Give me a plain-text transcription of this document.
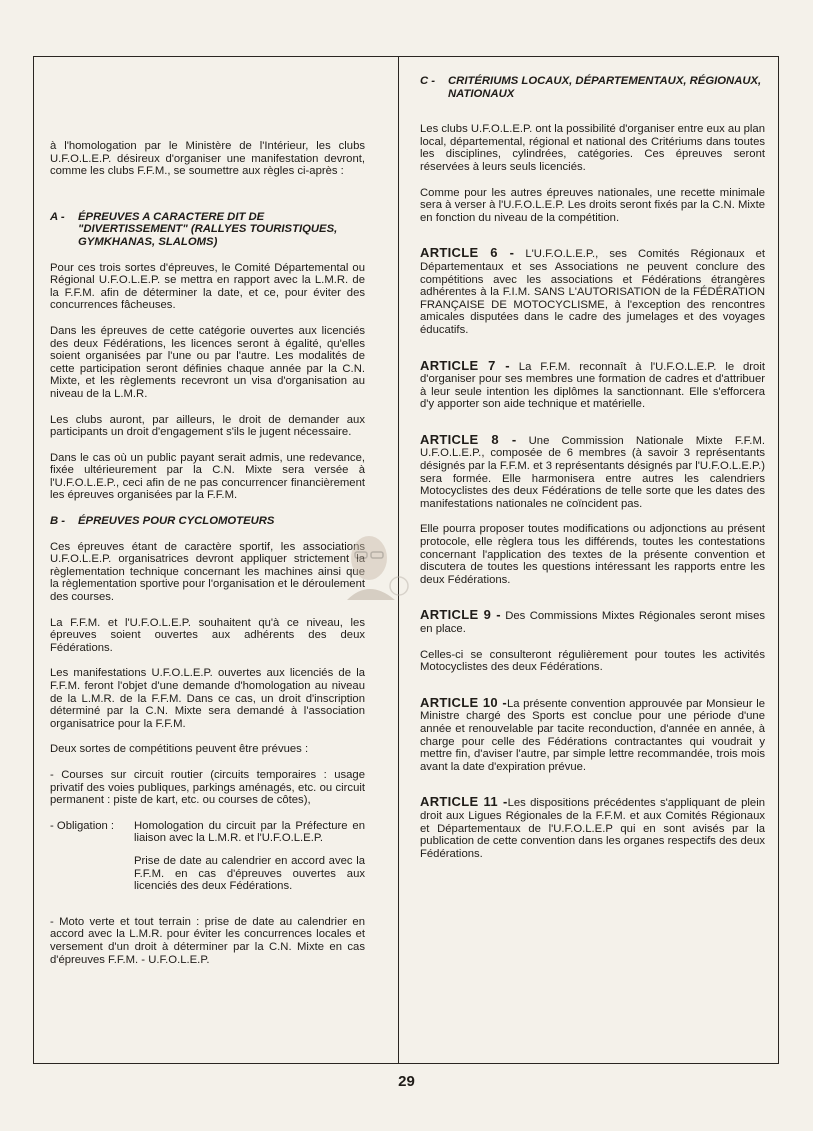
à l'homologation par le Ministère de l'Intérieur, les clubs U.F.O.L.E.P. désireux d'organiser une manifestation devront, comme les clubs F.F.M., se soumettre aux règles ci-après :

A -	ÉPREUVES A CARACTERE DIT DE "DIVERTISSEMENT" (RALLYES TOURISTIQUES, GYMKHANAS, SLALOMS)

Pour ces trois sortes d'épreuves, le Comité Départemental ou Régional U.F.O.L.E.P. se mettra en rapport avec la L.M.R. de la F.F.M. afin de déterminer la date, et ce, pour éviter des concurrences fâcheuses.

Dans les épreuves de cette catégorie ouvertes aux licenciés des deux Fédérations, les licences seront à égalité, qu'elles soient organisées par l'une ou par l'autre. Les modalités de cette participation seront définies chaque année par la C.N. Mixte, et les règlements recevront un visa d'organisation au niveau de la L.M.R.

Les clubs auront, par ailleurs, le droit de demander aux participants un droit d'engagement s'ils le jugent nécessaire.

Dans le cas où un public payant serait admis, une redevance, fixée ultérieurement par la C.N. Mixte sera versée à l'U.F.O.L.E.P., ceci afin de ne pas concurrencer financièrement les épreuves organisées par la F.F.M.

B -	ÉPREUVES POUR CYCLOMOTEURS

Ces épreuves étant de caractère sportif, les associations U.F.O.L.E.P. organisatrices devront appliquer strictement la règlementation technique concernant les machines ainsi que la règlementation sportive pour l'organisation et le déroulement des courses.

La F.F.M. et l'U.F.O.L.E.P. souhaitent qu'à ce niveau, les épreuves soient ouvertes aux adhérents des deux Fédérations.

Les manifestations U.F.O.L.E.P. ouvertes aux licenciés de la F.F.M. feront l'objet d'une demande d'homologation au niveau de la L.M.R. de la F.F.M. Dans ce cas, un droit d'inscription déterminé par la C.N. Mixte sera demandé à l'association organisatrice pour la F.F.M.

Deux sortes de compétitions peuvent être prévues :

- Courses sur circuit routier (circuits temporaires : usage privatif des voies publiques, parkings aménagés, etc. ou circuit permanent : piste de kart, etc. ou courses de côtes),

- Obligation :	Homologation du circuit par la Préfecture en liaison avec la L.M.R. et l'U.F.O.L.E.P.

Prise de date au calendrier en accord avec la F.F.M. en cas d'épreuves ouvertes aux licenciés des deux Fédérations.

- Moto verte et tout terrain : prise de date au calendrier en accord avec la L.M.R. pour éviter les concurrences locales et versement d'un droit à déterminer par la C.N. Mixte en cas d'épreuves F.F.M. - U.F.O.L.E.P.

C -	CRITÉRIUMS LOCAUX, DÉPARTEMENTAUX, RÉGIONAUX, NATIONAUX

Les clubs U.F.O.L.E.P. ont la possibilité d'organiser entre eux au plan local, départemental, régional et national des Critériums dans toutes les disciplines, cylindrées, catégories. Ces épreuves seront réservées à leurs seuls licenciés.

Comme pour les autres épreuves nationales, une recette minimale sera à verser à l'U.F.O.L.E.P. Les droits seront fixés par la C.N. Mixte en fonction du niveau de la compétition.

ARTICLE 6 - L'U.F.O.L.E.P., ses Comités Régionaux et Départementaux et ses Associations ne peuvent conclure des compétitions avec les associations et Fédérations étrangères adhérentes à la F.I.M. SANS L'AUTORISATION de la FÉDÉRATION FRANÇAISE DE MOTOCYCLISME, à l'exception des rencontres amicales disputées dans le cadre des jumelages et des voyages éducatifs.

ARTICLE 7 - La F.F.M. reconnaît à l'U.F.O.L.E.P. le droit d'organiser pour ses membres une formation de cadres et d'attribuer à leur seule intention les diplômes la sanctionnant. Elle s'efforcera d'y apporter son aide technique et matérielle.

ARTICLE 8 - Une Commission Nationale Mixte F.F.M. U.F.O.L.E.P., composée de 6 membres (à savoir 3 représentants désignés par la F.F.M. et 3 représentants désignés par l'U.F.O.L.E.P.) sera formée. Elle harmonisera entre autres les calendriers Motocyclistes des deux Fédérations de telle sorte que les dates des manifestations nationales ne coïncident pas.

Elle pourra proposer toutes modifications ou adjonctions au présent protocole, elle règlera tous les différends, toutes les contestations concernant l'application des textes de la présente convention et discutera de toutes les questions intéressant les rapports entre les deux Fédérations.

ARTICLE 9 - Des Commissions Mixtes Régionales seront mises en place.

Celles-ci se consulteront régulièrement pour toutes les activités Motocyclistes des deux Fédérations.

ARTICLE 10 -La présente convention approuvée par Monsieur le Ministre chargé des Sports est conclue pour une période d'une année et renouvelable par tacite reconduction, d'année en année, à charge pour celle des Fédérations contractantes qui voudrait y mettre fin, d'aviser l'autre, par simple lettre recommandée, trois mois avant la date d'expiration prévue.

ARTICLE 11 -Les dispositions précédentes s'appliquant de plein droit aux Ligues Régionales de la F.F.M. et aux Comités Régionaux et Départementaux de l'U.F.O.L.E.P qui en sont avisés par la publication de cette convention dans les organes respectifs des deux Fédérations.

29
